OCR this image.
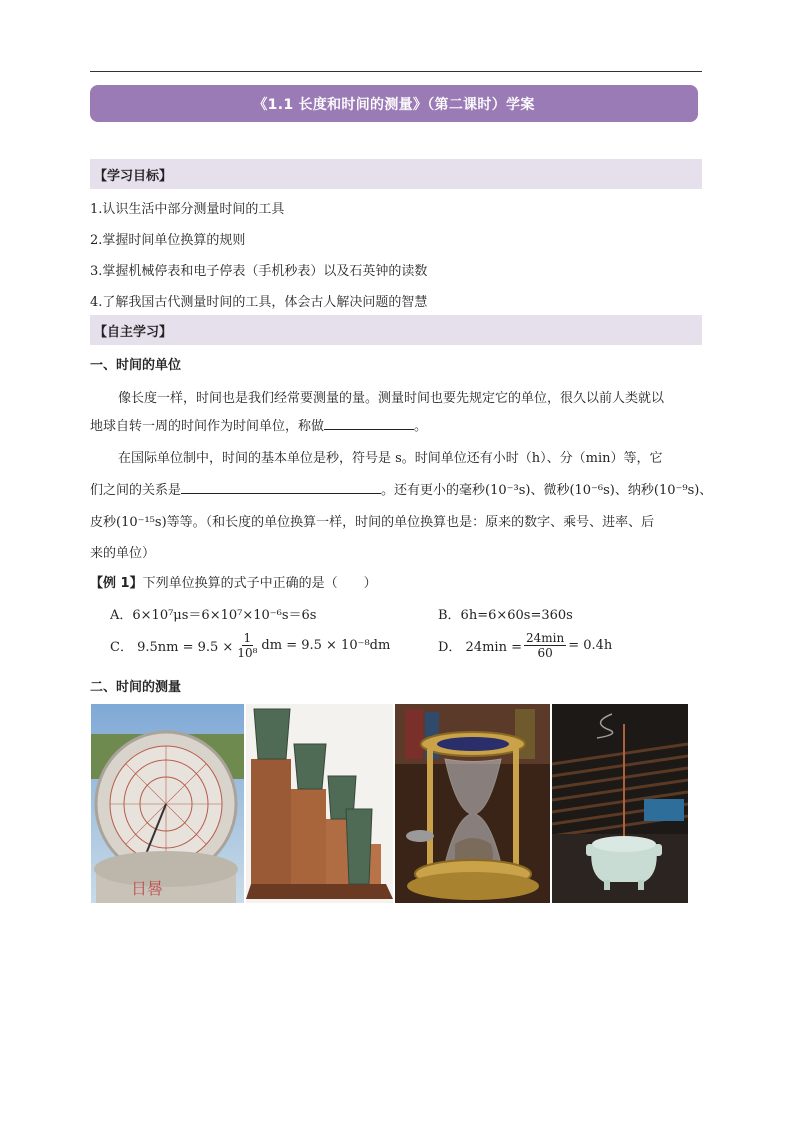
《1.1 长度和时间的测量》（第二课时）学案
【学习目标】
1.认识生活中部分测量时间的工具
2.掌握时间单位换算的规则
3.掌握机械停表和电子停表（手机秒表）以及石英钟的读数
4.了解我国古代测量时间的工具，体会古人解决问题的智慧
【自主学习】
一、时间的单位
像长度一样，时间也是我们经常要测量的量。测量时间也要先规定它的单位，很久以前人类就以
地球自转一周的时间作为时间单位，称做	。
在国际单位制中，时间的基本单位是秒，符号是 s。时间单位还有小时（h）、分（min）等，它
们之间的关系是	。还有更小的毫秒(10⁻³s)、微秒(10⁻⁶s)、纳秒(10⁻⁹s)、
皮秒(10⁻¹⁵s)等等。（和长度的单位换算一样，时间的单位换算也是：原来的数字、乘号、进率、后
来的单位）
【例 1】下列单位换算的式子中正确的是（　　）
A．6×10⁷μs＝6×10⁷×10⁻⁶s＝6s	B．6h=6×60s=360s
C． $9.5nm = 9.5 \times \frac{1}{\text{10⁸}}$ dm = 9.5 × 10⁻⁸dm	D． $24\min = \frac{24\min}{60} = 0.4h$
二、时间的测量
日晷
